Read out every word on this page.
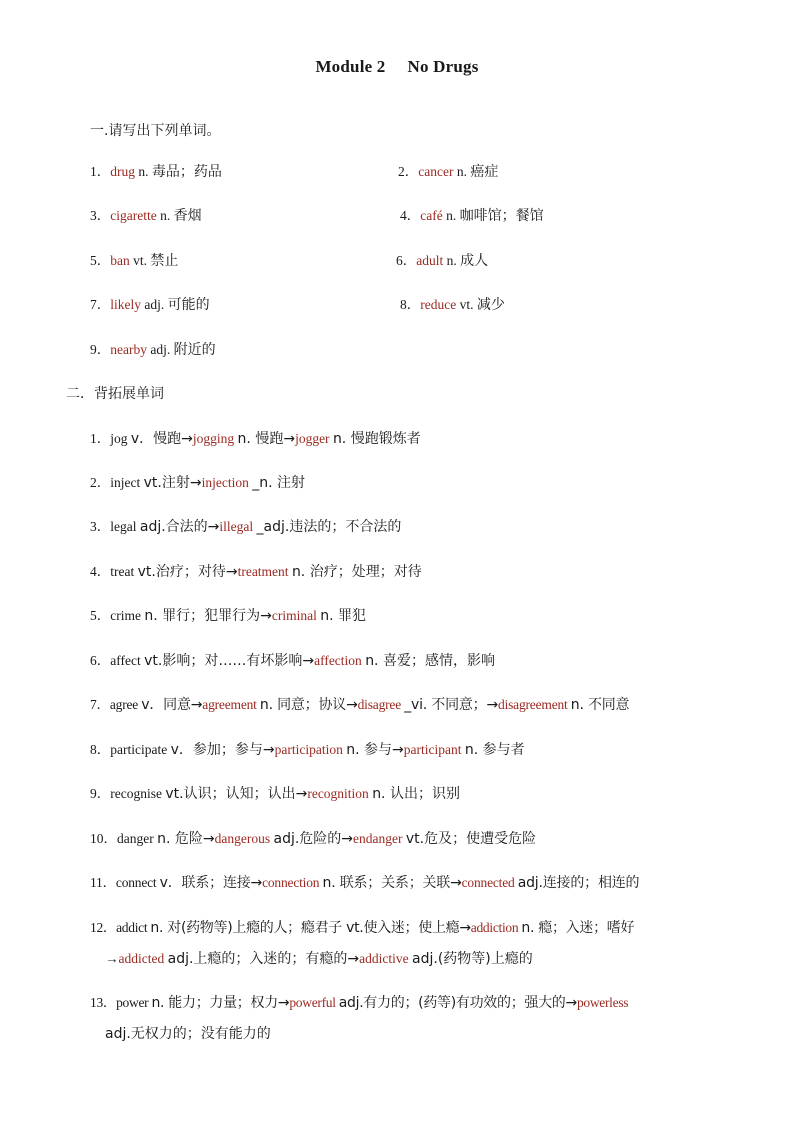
Module 2 No Drugs
一.请写出下列单词。
1．drug n. 毒品；药品	2．cancer n. 癌症
3．cigarette n. 香烟	4．café n. 咖啡馆；餐馆
5．ban vt. 禁止	6．adult n. 成人
7．likely adj. 可能的	8．reduce vt. 减少
9．nearby adj. 附近的
二．背拓展单词
1．jog v．慢跑→jogging n. 慢跑→jogger n. 慢跑锻炼者
2．inject vt.注射→injection _n. 注射
3．legal adj.合法的→illegal _adj.违法的；不合法的
4．treat vt.治疗；对待→treatment n. 治疗；处理；对待
5．crime n. 罪行；犯罪行为→criminal n. 罪犯
6．affect vt.影响；对……有坏影响→affection n. 喜爱；感情，影响
7．agree v．同意→agreement n. 同意；协议→disagree _vi. 不同意；→disagreement n. 不同意
8．participate v．参加；参与→participation n. 参与→participant n. 参与者
9．recognise vt.认识；认知；认出→recognition n. 认出；识别
10．danger n. 危险→dangerous adj.危险的→endanger vt.危及；使遭受危险
11．connect v．联系；连接→connection n. 联系；关系；关联→connected adj.连接的；相连的
12．addict n. 对(药物等)上瘾的人；瘾君子 vt.使入迷；使上瘾→addiction n. 瘾；入迷；嗜好
→addicted adj.上瘾的；入迷的；有瘾的→addictive adj.(药物等)上瘾的
13．power n. 能力；力量；权力→powerful adj.有力的；(药等)有功效的；强大的→powerless
adj.无权力的；没有能力的
